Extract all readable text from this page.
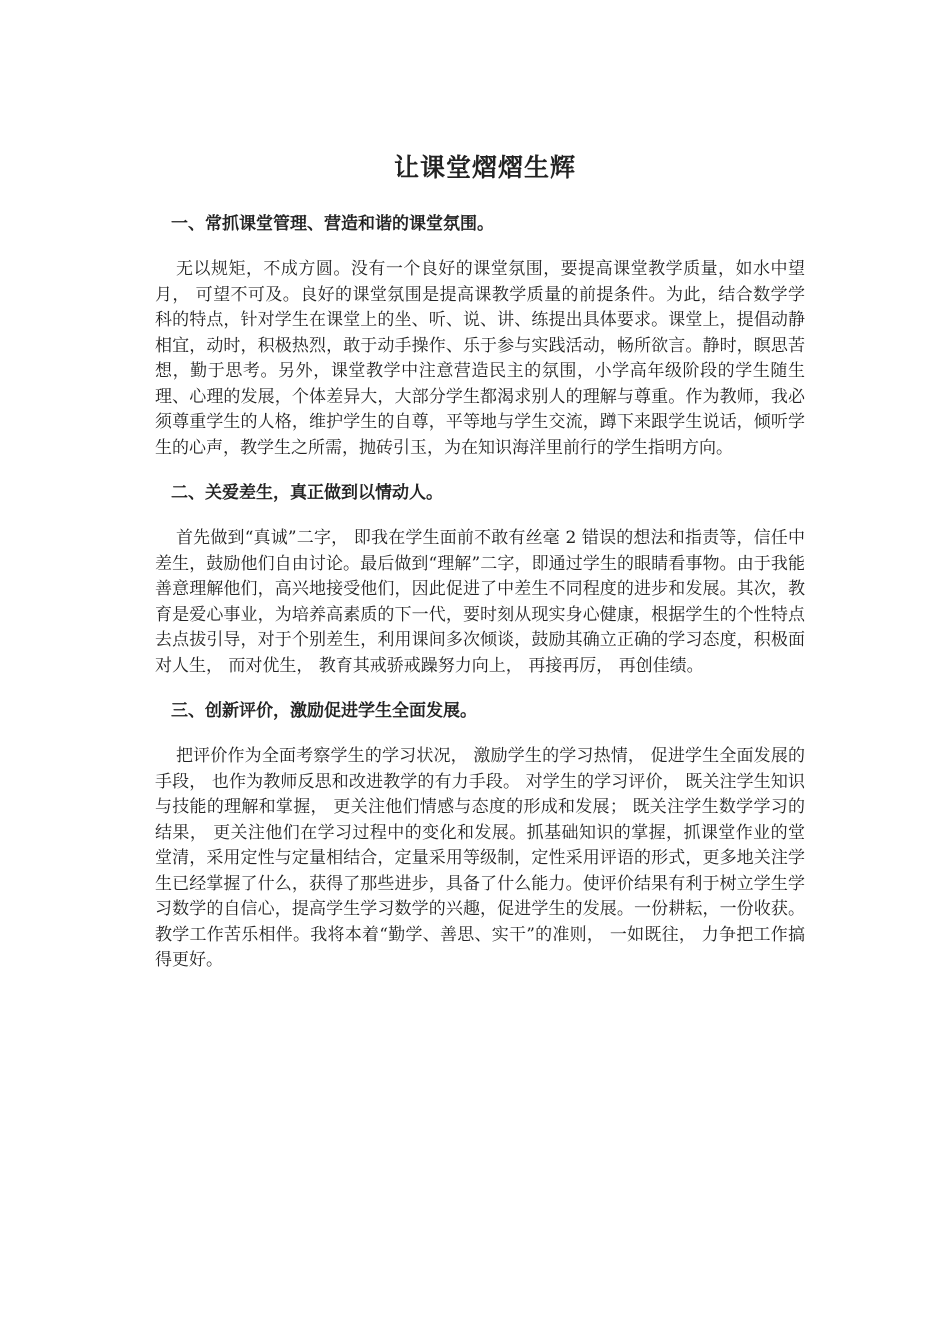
让课堂熠熠生辉
一、常抓课堂管理、营造和谐的课堂氛围。

无以规矩，不成方圆。没有一个良好的课堂氛围，要提高课堂教学质量，如水中望月， 可望不可及。良好的课堂氛围是提高课教学质量的前提条件。为此，结合数学学科的特点，针对学生在课堂上的坐、听、说、讲、练提出具体要求。课堂上，提倡动静相宜，动时，积极热烈，敢于动手操作、乐于参与实践活动，畅所欲言。静时，瞑思苦想，勤于思考。另外，课堂教学中注意营造民主的氛围，小学高年级阶段的学生随生理、心理的发展，个体差异大，大部分学生都渴求别人的理解与尊重。作为教师，我必须尊重学生的人格，维护学生的自尊，平等地与学生交流，蹲下来跟学生说话，倾听学生的心声，教学生之所需，抛砖引玉，为在知识海洋里前行的学生指明方向。

二、关爱差生，真正做到以情动人。

首先做到“真诚”二字， 即我在学生面前不敢有丝毫 2 错误的想法和指责等，信任中差生，鼓励他们自由讨论。最后做到“理解”二字，即通过学生的眼睛看事物。由于我能善意理解他们，高兴地接受他们，因此促进了中差生不同程度的进步和发展。其次，教育是爱心事业，为培养高素质的下一代，要时刻从现实身心健康，根据学生的个性特点去点拔引导，对于个别差生，利用课间多次倾谈，鼓励其确立正确的学习态度，积极面对人生， 而对优生， 教育其戒骄戒躁努力向上， 再接再厉， 再创佳绩。

三、创新评价，激励促进学生全面发展。

把评价作为全面考察学生的学习状况， 激励学生的学习热情， 促进学生全面发展的手段， 也作为教师反思和改进教学的有力手段。 对学生的学习评价， 既关注学生知识与技能的理解和掌握， 更关注他们情感与态度的形成和发展； 既关注学生数学学习的结果， 更关注他们在学习过程中的变化和发展。抓基础知识的掌握，抓课堂作业的堂堂清，采用定性与定量相结合，定量采用等级制，定性采用评语的形式，更多地关注学生已经掌握了什么，获得了那些进步，具备了什么能力。使评价结果有利于树立学生学习数学的自信心，提高学生学习数学的兴趣，促进学生的发展。一份耕耘，一份收获。教学工作苦乐相伴。我将本着“勤学、善思、实干”的准则， 一如既往， 力争把工作搞得更好。
